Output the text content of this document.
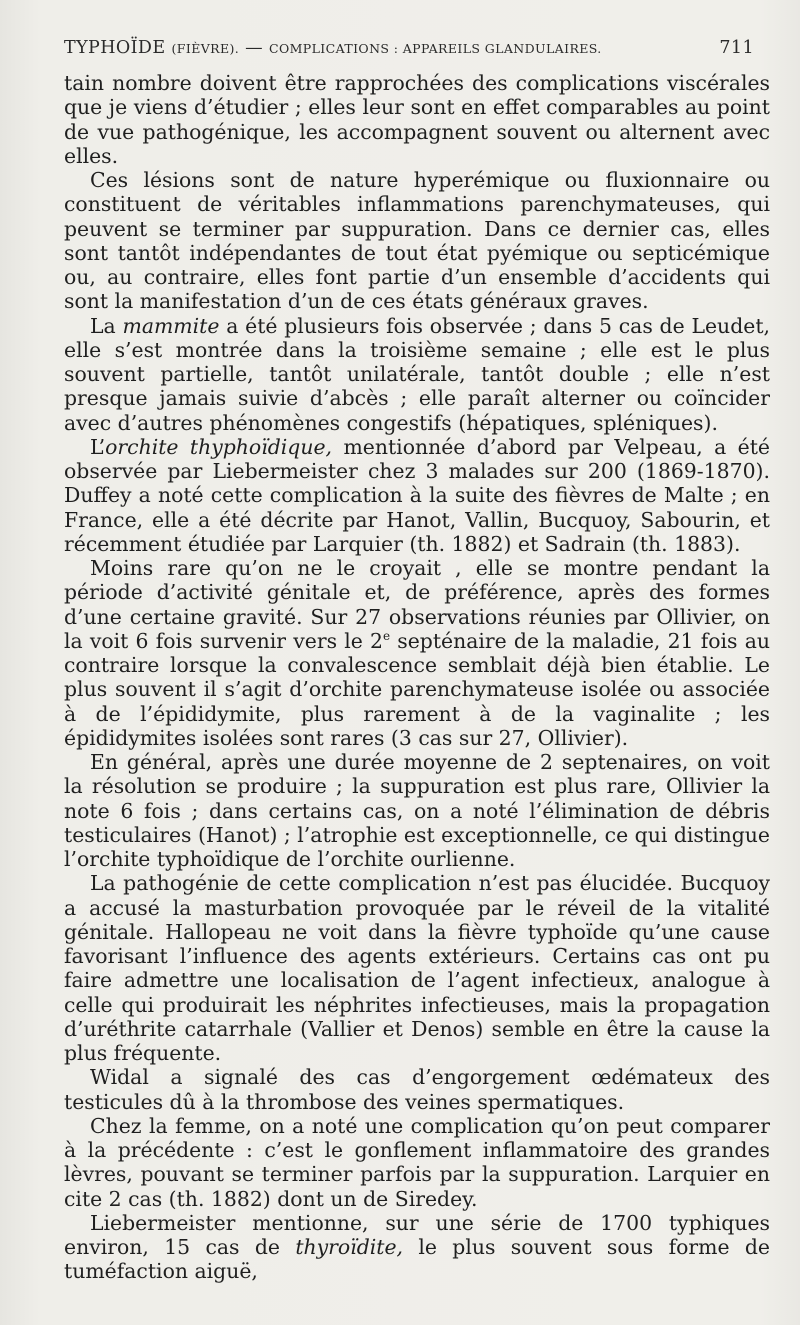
TYPHOÏDE (FIÈVRE). — COMPLICATIONS : APPAREILS GLANDULAIRES.	711

tain nombre doivent être rapprochées des complications viscérales que je viens d’étudier ; elles leur sont en effet comparables au point de vue pathogénique, les accompagnent souvent ou alternent avec elles.

Ces lésions sont de nature hyperémique ou fluxionnaire ou constituent de véritables inflammations parenchymateuses, qui peuvent se terminer par suppuration. Dans ce dernier cas, elles sont tantôt indépendantes de tout état pyémique ou septicémique ou, au contraire, elles font partie d’un ensemble d’accidents qui sont la manifestation d’un de ces états généraux graves.

La mammite a été plusieurs fois observée ; dans 5 cas de Leudet, elle s’est montrée dans la troisième semaine ; elle est le plus souvent partielle, tantôt unilatérale, tantôt double ; elle n’est presque jamais suivie d’abcès ; elle paraît alterner ou coïncider avec d’autres phénomènes congestifs (hépatiques, spléniques).

L’orchite thyphoïdique, mentionnée d’abord par Velpeau, a été observée par Liebermeister chez 3 malades sur 200 (1869-1870). Duffey a noté cette complication à la suite des fièvres de Malte ; en France, elle a été décrite par Hanot, Vallin, Bucquoy, Sabourin, et récemment étudiée par Larquier (th. 1882) et Sadrain (th. 1883).

Moins rare qu’on ne le croyait , elle se montre pendant la période d’activité génitale et, de préférence, après des formes d’une certaine gravité. Sur 27 observations réunies par Ollivier, on la voit 6 fois survenir vers le 2e septénaire de la maladie, 21 fois au contraire lorsque la convalescence semblait déjà bien établie. Le plus souvent il s’agit d’orchite parenchymateuse isolée ou associée à de l’épididymite, plus rarement à de la vaginalite ; les épididymites isolées sont rares (3 cas sur 27, Ollivier).

En général, après une durée moyenne de 2 septenaires, on voit la résolution se produire ; la suppuration est plus rare, Ollivier la note 6 fois ; dans certains cas, on a noté l’élimination de débris testiculaires (Hanot) ; l’atrophie est exceptionnelle, ce qui distingue l’orchite typhoïdique de l’orchite ourlienne.

La pathogénie de cette complication n’est pas élucidée. Bucquoy a accusé la masturbation provoquée par le réveil de la vitalité génitale. Hallopeau ne voit dans la fièvre typhoïde qu’une cause favorisant l’influence des agents extérieurs. Certains cas ont pu faire admettre une localisation de l’agent infectieux, analogue à celle qui produirait les néphrites infectieuses, mais la propagation d’uréthrite catarrhale (Vallier et Denos) semble en être la cause la plus fréquente.

Widal a signalé des cas d’engorgement œdémateux des testicules dû à la thrombose des veines spermatiques.

Chez la femme, on a noté une complication qu’on peut comparer à la précédente : c’est le gonflement inflammatoire des grandes lèvres, pouvant se terminer parfois par la suppuration. Larquier en cite 2 cas (th. 1882) dont un de Siredey.

Liebermeister mentionne, sur une série de 1700 typhiques environ, 15 cas de thyroïdite, le plus souvent sous forme de tuméfaction aiguë,
